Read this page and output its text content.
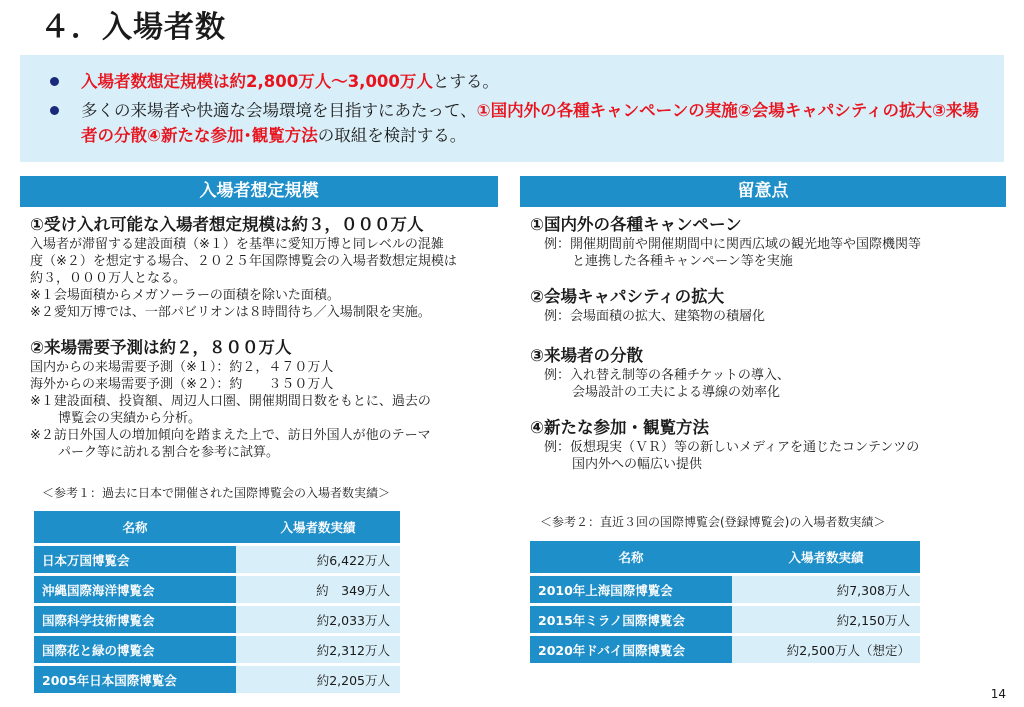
４．入場者数
入場者数想定規模は約2,800万人～3,000万人とする。
多くの来場者や快適な会場環境を目指すにあたって、①国内外の各種キャンペーンの実施②会場キャパシティの拡大③来場者の分散④新たな参加･観覧方法の取組を検討する。
入場者想定規模
①受け入れ可能な入場者想定規模は約３，０００万人
入場者が滞留する建設面積（※１）を基準に愛知万博と同レベルの混雑
度（※２）を想定する場合、２０２５年国際博覧会の入場者数想定規模は
約３，０００万人となる。
※１会場面積からメガソーラーの面積を除いた面積。
※２愛知万博では、一部パビリオンは８時間待ち／入場制限を実施。
②来場需要予測は約２，８００万人
国内からの来場需要予測（※１）：約２，４７０万人
海外からの来場需要予測（※２）：約　　３５０万人
※１建設面積、投資額、周辺人口圏、開催期間日数をもとに、過去の
博覧会の実績から分析。
※２訪日外国人の増加傾向を踏まえた上で、訪日外国人が他のテーマ
パーク等に訪れる割合を参考に試算。
＜参考１：過去に日本で開催された国際博覧会の入場者数実績＞
名称	入場者数実績
日本万国博覧会	約6,422万人
沖縄国際海洋博覧会	約　349万人
国際科学技術博覧会	約2,033万人
国際花と緑の博覧会	約2,312万人
2005年日本国際博覧会	約2,205万人
留意点
①国内外の各種キャンペーン
例：開催期間前や開催期間中に関西広域の観光地等や国際機関等
と連携した各種キャンペーン等を実施
②会場キャパシティの拡大
例：会場面積の拡大、建築物の積層化
③来場者の分散
例：入れ替え制等の各種チケットの導入、
会場設計の工夫による導線の効率化
④新たな参加・観覧方法
例：仮想現実（ＶＲ）等の新しいメディアを通じたコンテンツの
国内外への幅広い提供
＜参考２：直近３回の国際博覧会(登録博覧会)の入場者数実績＞
名称	入場者数実績
2010年上海国際博覧会	約7,308万人
2015年ミラノ国際博覧会	約2,150万人
2020年ドバイ国際博覧会	約2,500万人（想定）
14
